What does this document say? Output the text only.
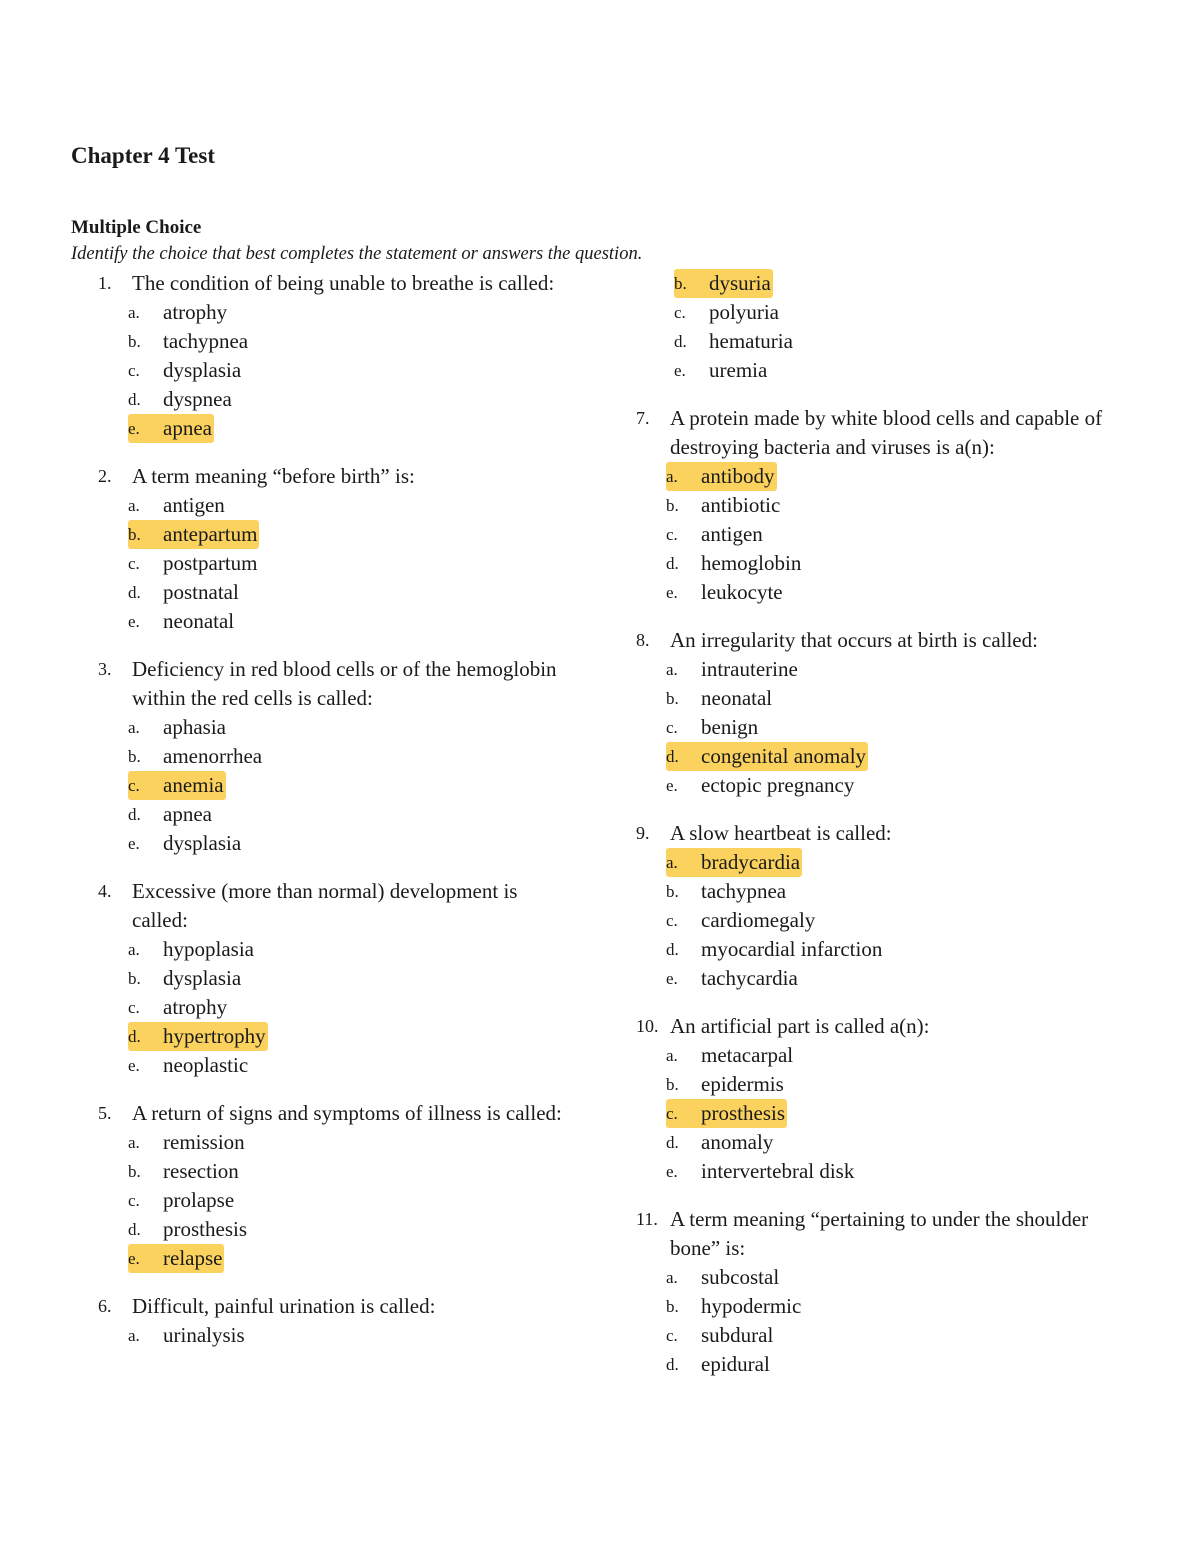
Chapter 4 Test
Multiple Choice

Identify the choice that best completes the statement or answers the question.

1. The condition of being unable to breathe is called:
a.	atrophy
b.	tachypnea
c.	dysplasia
d.	dyspnea
e.	apnea
2. A term meaning “before birth” is:
a.	antigen
b.	antepartum
c.	postpartum
d.	postnatal
e.	neonatal
3. Deficiency in red blood cells or of the hemoglobin within the red cells is called:
a.	aphasia
b.	amenorrhea
c.	anemia
d.	apnea
e.	dysplasia
4. Excessive (more than normal) development is called:
a.	hypoplasia
b.	dysplasia
c.	atrophy
d.	hypertrophy
e.	neoplastic
5. A return of signs and symptoms of illness is called:
a.	remission
b.	resection
c.	prolapse
d.	prosthesis
e.	relapse
6. Difficult, painful urination is called:
a.	urinalysis
b.	dysuria
c.	polyuria
d.	hematuria
e.	uremia
7. A protein made by white blood cells and capable of destroying bacteria and viruses is a(n):
a.	antibody
b.	antibiotic
c.	antigen
d.	hemoglobin
e.	leukocyte
8. An irregularity that occurs at birth is called:
a.	intrauterine
b.	neonatal
c.	benign
d.	congenital anomaly
e.	ectopic pregnancy
9. A slow heartbeat is called:
a.	bradycardia
b.	tachypnea
c.	cardiomegaly
d.	myocardial infarction
e.	tachycardia
10. An artificial part is called a(n):
a.	metacarpal
b.	epidermis
c.	prosthesis
d.	anomaly
e.	intervertebral disk
11. A term meaning “pertaining to under the shoulder bone” is:
a.	subcostal
b.	hypodermic
c.	subdural
d.	epidural
